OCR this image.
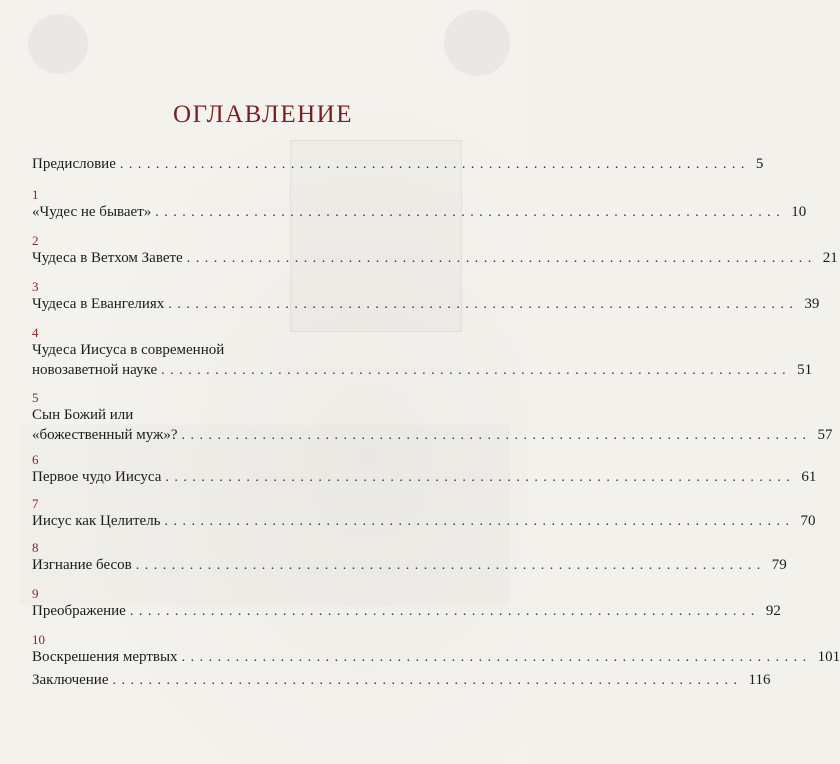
ОГЛАВЛЕНИЕ
Предисловие ...................................................................... 5
1
«Чудес не бывает» ...................................................................... 10
2
Чудеса в Ветхом Завете ...................................................................... 21
3
Чудеса в Евангелиях ...................................................................... 39
4
Чудеса Иисуса в современной
новозаветной науке ...................................................................... 51
5
Сын Божий или
«божественный муж»? ...................................................................... 57
6
Первое чудо Иисуса ...................................................................... 61
7
Иисус как Целитель ...................................................................... 70
8
Изгнание бесов ...................................................................... 79
9
Преображение ...................................................................... 92
10
Воскрешения мертвых ...................................................................... 101
Заключение ...................................................................... 116
